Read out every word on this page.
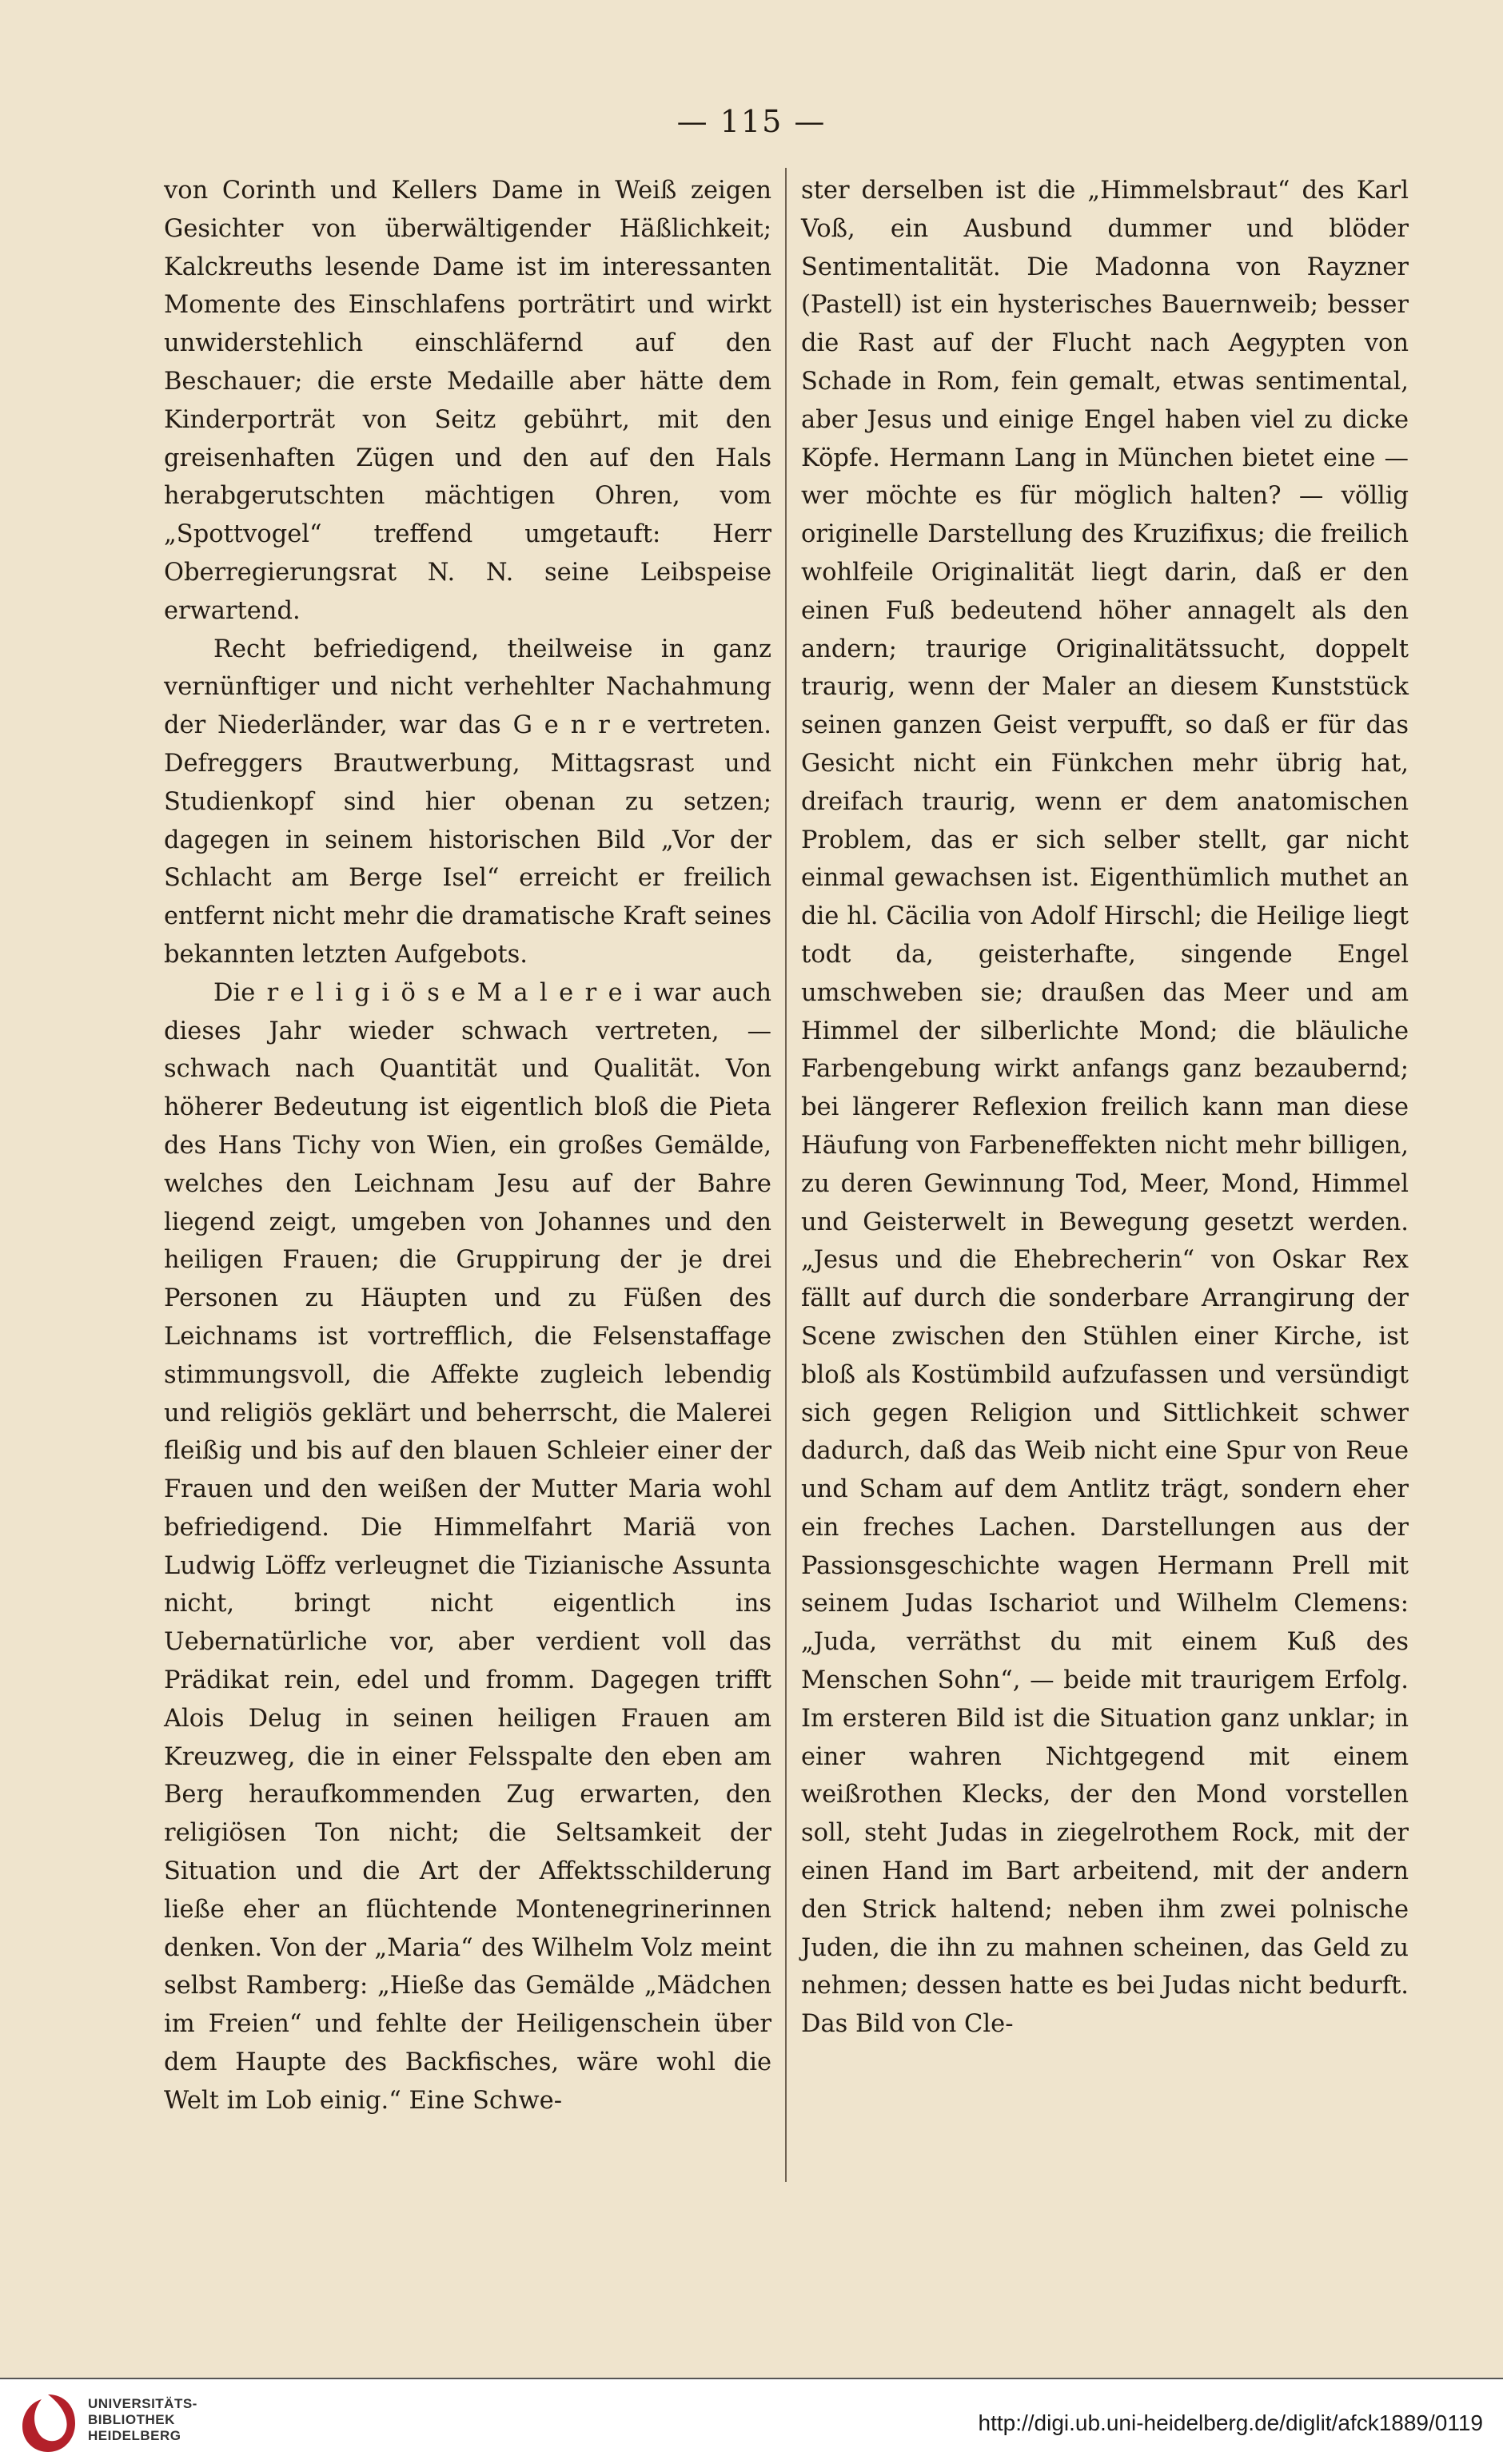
— 115 —

von Corinth und Kellers Dame in Weiß zeigen Gesichter von überwältigender Häßlichkeit; Kalckreuths lesende Dame ist im interessanten Momente des Einschlafens porträtirt und wirkt unwiderstehlich einschläfernd auf den Beschauer; die erste Medaille aber hätte dem Kinderporträt von Seitz gebührt, mit den greisenhaften Zügen und den auf den Hals herabgerutschten mächtigen Ohren, vom „Spottvogel“ treffend umgetauft: Herr Oberregierungsrat N. N. seine Leibspeise erwartend.

Recht befriedigend, theilweise in ganz vernünftiger und nicht verhehlter Nachahmung der Niederländer, war das G e n r e vertreten. Defreggers Brautwerbung, Mittagsrast und Studienkopf sind hier obenan zu setzen; dagegen in seinem historischen Bild „Vor der Schlacht am Berge Isel“ erreicht er freilich entfernt nicht mehr die dramatische Kraft seines bekannten letzten Aufgebots.

Die r e l i g i ö s e M a l e r e i war auch dieses Jahr wieder schwach vertreten, — schwach nach Quantität und Qualität. Von höherer Bedeutung ist eigentlich bloß die Pieta des Hans Tichy von Wien, ein großes Gemälde, welches den Leichnam Jesu auf der Bahre liegend zeigt, umgeben von Johannes und den heiligen Frauen; die Gruppirung der je drei Personen zu Häupten und zu Füßen des Leichnams ist vortrefflich, die Felsenstaffage stimmungsvoll, die Affekte zugleich lebendig und religiös geklärt und beherrscht, die Malerei fleißig und bis auf den blauen Schleier einer der Frauen und den weißen der Mutter Maria wohl befriedigend. Die Himmelfahrt Mariä von Ludwig Löffz verleugnet die Tizianische Assunta nicht, bringt nicht eigentlich ins Uebernatürliche vor, aber verdient voll das Prädikat rein, edel und fromm. Dagegen trifft Alois Delug in seinen heiligen Frauen am Kreuzweg, die in einer Felsspalte den eben am Berg heraufkommenden Zug erwarten, den religiösen Ton nicht; die Seltsamkeit der Situation und die Art der Affektsschilderung ließe eher an flüchtende Montenegrinerinnen denken. Von der „Maria“ des Wilhelm Volz meint selbst Ramberg: „Hieße das Gemälde „Mädchen im Freien“ und fehlte der Heiligenschein über dem Haupte des Backfisches, wäre wohl die Welt im Lob einig.“ Eine Schwe-

ster derselben ist die „Himmelsbraut“ des Karl Voß, ein Ausbund dummer und blöder Sentimentalität. Die Madonna von Rayzner (Pastell) ist ein hysterisches Bauernweib; besser die Rast auf der Flucht nach Aegypten von Schade in Rom, fein gemalt, etwas sentimental, aber Jesus und einige Engel haben viel zu dicke Köpfe. Hermann Lang in München bietet eine — wer möchte es für möglich halten? — völlig originelle Darstellung des Kruzifixus; die freilich wohlfeile Originalität liegt darin, daß er den einen Fuß bedeutend höher annagelt als den andern; traurige Originalitätssucht, doppelt traurig, wenn der Maler an diesem Kunststück seinen ganzen Geist verpufft, so daß er für das Gesicht nicht ein Fünkchen mehr übrig hat, dreifach traurig, wenn er dem anatomischen Problem, das er sich selber stellt, gar nicht einmal gewachsen ist. Eigenthümlich muthet an die hl. Cäcilia von Adolf Hirschl; die Heilige liegt todt da, geisterhafte, singende Engel umschweben sie; draußen das Meer und am Himmel der silberlichte Mond; die bläuliche Farbengebung wirkt anfangs ganz bezaubernd; bei längerer Reflexion freilich kann man diese Häufung von Farbeneffekten nicht mehr billigen, zu deren Gewinnung Tod, Meer, Mond, Himmel und Geisterwelt in Bewegung gesetzt werden. „Jesus und die Ehebrecherin“ von Oskar Rex fällt auf durch die sonderbare Arrangirung der Scene zwischen den Stühlen einer Kirche, ist bloß als Kostümbild aufzufassen und versündigt sich gegen Religion und Sittlichkeit schwer dadurch, daß das Weib nicht eine Spur von Reue und Scham auf dem Antlitz trägt, sondern eher ein freches Lachen. Darstellungen aus der Passionsgeschichte wagen Hermann Prell mit seinem Judas Ischariot und Wilhelm Clemens: „Juda, verräthst du mit einem Kuß des Menschen Sohn“, — beide mit traurigem Erfolg. Im ersteren Bild ist die Situation ganz unklar; in einer wahren Nichtgegend mit einem weißrothen Klecks, der den Mond vorstellen soll, steht Judas in ziegelrothem Rock, mit der einen Hand im Bart arbeitend, mit der andern den Strick haltend; neben ihm zwei polnische Juden, die ihn zu mahnen scheinen, das Geld zu nehmen; dessen hatte es bei Judas nicht bedurft. Das Bild von Cle-

UNIVERSITÄTS-
BIBLIOTHEK
HEIDELBERG
http://digi.ub.uni-heidelberg.de/diglit/afck1889/0119
